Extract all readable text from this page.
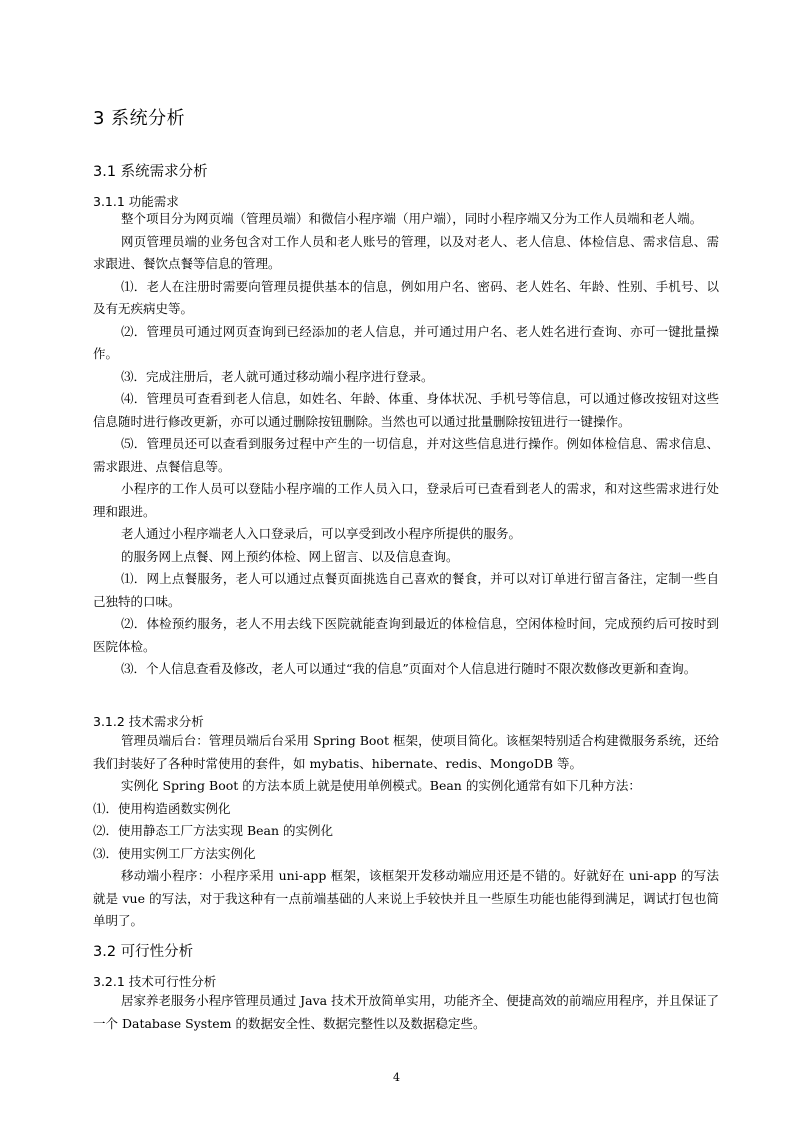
3 系统分析
3.1 系统需求分析
3.1.1 功能需求

整个项目分为网页端（管理员端）和微信小程序端（用户端），同时小程序端又分为工作人员端和老人端。

网页管理员端的业务包含对工作人员和老人账号的管理，以及对老人、老人信息、体检信息、需求信息、需求跟进、餐饮点餐等信息的管理。

⑴．老人在注册时需要向管理员提供基本的信息，例如用户名、密码、老人姓名、年龄、性别、手机号、以及有无疾病史等。

⑵．管理员可通过网页查询到已经添加的老人信息，并可通过用户名、老人姓名进行查询、亦可一键批量操作。

⑶．完成注册后，老人就可通过移动端小程序进行登录。

⑷．管理员可查看到老人信息，如姓名、年龄、体重、身体状况、手机号等信息，可以通过修改按钮对这些信息随时进行修改更新，亦可以通过删除按钮删除。当然也可以通过批量删除按钮进行一键操作。

⑸．管理员还可以查看到服务过程中产生的一切信息，并对这些信息进行操作。例如体检信息、需求信息、需求跟进、点餐信息等。

小程序的工作人员可以登陆小程序端的工作人员入口，登录后可已查看到老人的需求，和对这些需求进行处理和跟进。

老人通过小程序端老人入口登录后，可以享受到改小程序所提供的服务。

的服务网上点餐、网上预约体检、网上留言、以及信息查询。

⑴．网上点餐服务，老人可以通过点餐页面挑选自己喜欢的餐食，并可以对订单进行留言备注，定制一些自己独特的口味。

⑵．体检预约服务，老人不用去线下医院就能查询到最近的体检信息，空闲体检时间，完成预约后可按时到医院体检。

⑶．个人信息查看及修改，老人可以通过“我的信息”页面对个人信息进行随时不限次数修改更新和查询。

3.1.2 技术需求分析

管理员端后台：管理员端后台采用 Spring Boot 框架，使项目简化。该框架特别适合构建微服务系统，还给我们封装好了各种时常使用的套件，如 mybatis、hibernate、redis、MongoDB 等。

实例化 Spring Boot 的方法本质上就是使用单例模式。Bean 的实例化通常有如下几种方法：

⑴．使用构造函数实例化

⑵．使用静态工厂方法实现 Bean 的实例化

⑶．使用实例工厂方法实例化

移动端小程序：小程序采用 uni-app 框架，该框架开发移动端应用还是不错的。好就好在 uni-app 的写法就是 vue 的写法，对于我这种有一点前端基础的人来说上手较快并且一些原生功能也能得到满足，调试打包也简单明了。

3.2 可行性分析
3.2.1 技术可行性分析

居家养老服务小程序管理员通过 Java 技术开放简单实用，功能齐全、便捷高效的前端应用程序，并且保证了一个 Database System 的数据安全性、数据完整性以及数据稳定些。

4
